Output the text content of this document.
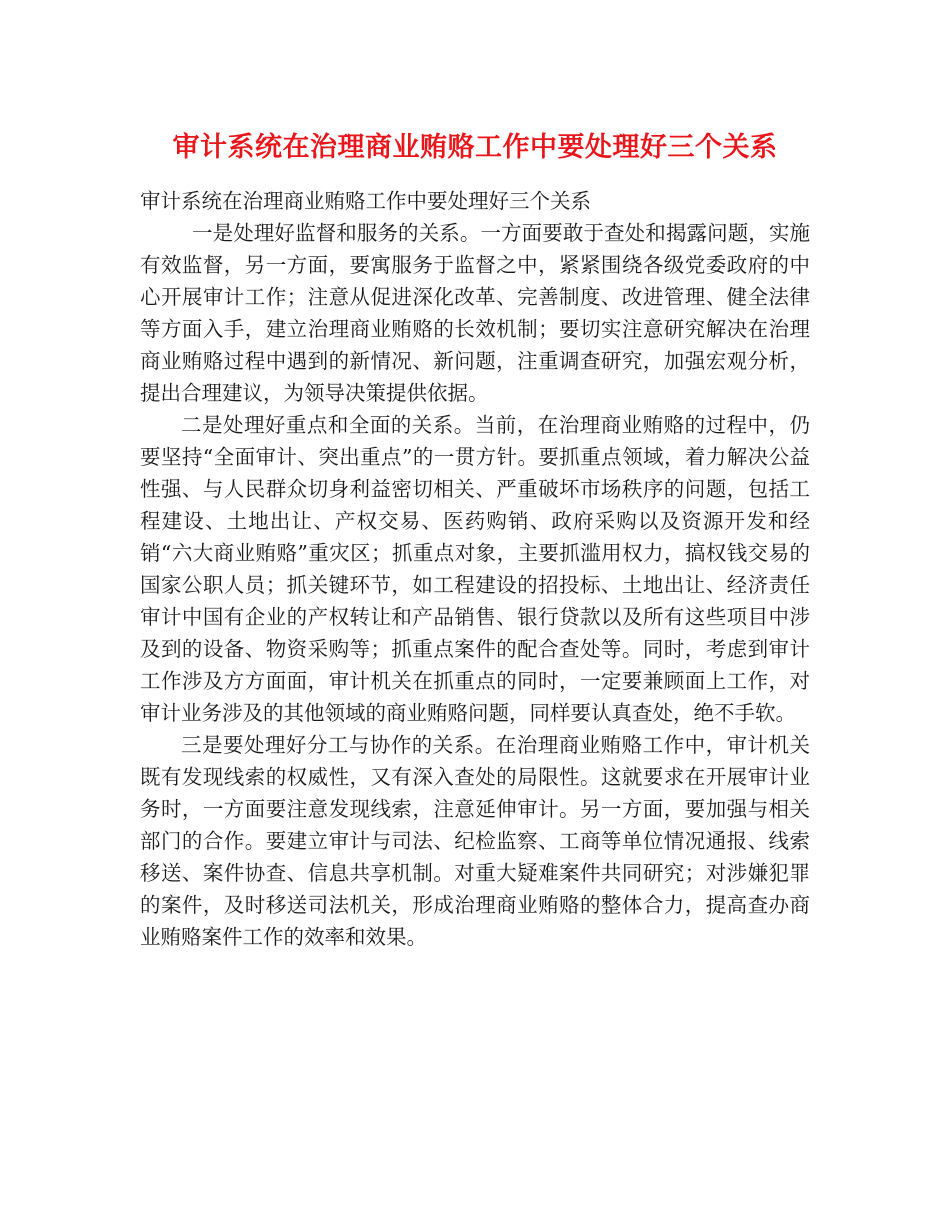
审计系统在治理商业贿赂工作中要处理好三个关系

审计系统在治理商业贿赂工作中要处理好三个关系

一是处理好监督和服务的关系。一方面要敢于查处和揭露问题，实施有效监督，另一方面，要寓服务于监督之中，紧紧围绕各级党委政府的中心开展审计工作；注意从促进深化改革、完善制度、改进管理、健全法律等方面入手，建立治理商业贿赂的长效机制；要切实注意研究解决在治理商业贿赂过程中遇到的新情况、新问题，注重调查研究，加强宏观分析，提出合理建议，为领导决策提供依据。

二是处理好重点和全面的关系。当前，在治理商业贿赂的过程中，仍要坚持“全面审计、突出重点”的一贯方针。要抓重点领域，着力解决公益性强、与人民群众切身利益密切相关、严重破坏市场秩序的问题，包括工程建设、土地出让、产权交易、医药购销、政府采购以及资源开发和经销“六大商业贿赂”重灾区；抓重点对象，主要抓滥用权力，搞权钱交易的国家公职人员；抓关键环节，如工程建设的招投标、土地出让、经济责任审计中国有企业的产权转让和产品销售、银行贷款以及所有这些项目中涉及到的设备、物资采购等；抓重点案件的配合查处等。同时，考虑到审计工作涉及方方面面，审计机关在抓重点的同时，一定要兼顾面上工作，对审计业务涉及的其他领域的商业贿赂问题，同样要认真查处，绝不手软。

三是要处理好分工与协作的关系。在治理商业贿赂工作中，审计机关既有发现线索的权威性，又有深入查处的局限性。这就要求在开展审计业务时，一方面要注意发现线索，注意延伸审计。另一方面，要加强与相关部门的合作。要建立审计与司法、纪检监察、工商等单位情况通报、线索移送、案件协查、信息共享机制。对重大疑难案件共同研究；对涉嫌犯罪的案件，及时移送司法机关，形成治理商业贿赂的整体合力，提高查办商业贿赂案件工作的效率和效果。
